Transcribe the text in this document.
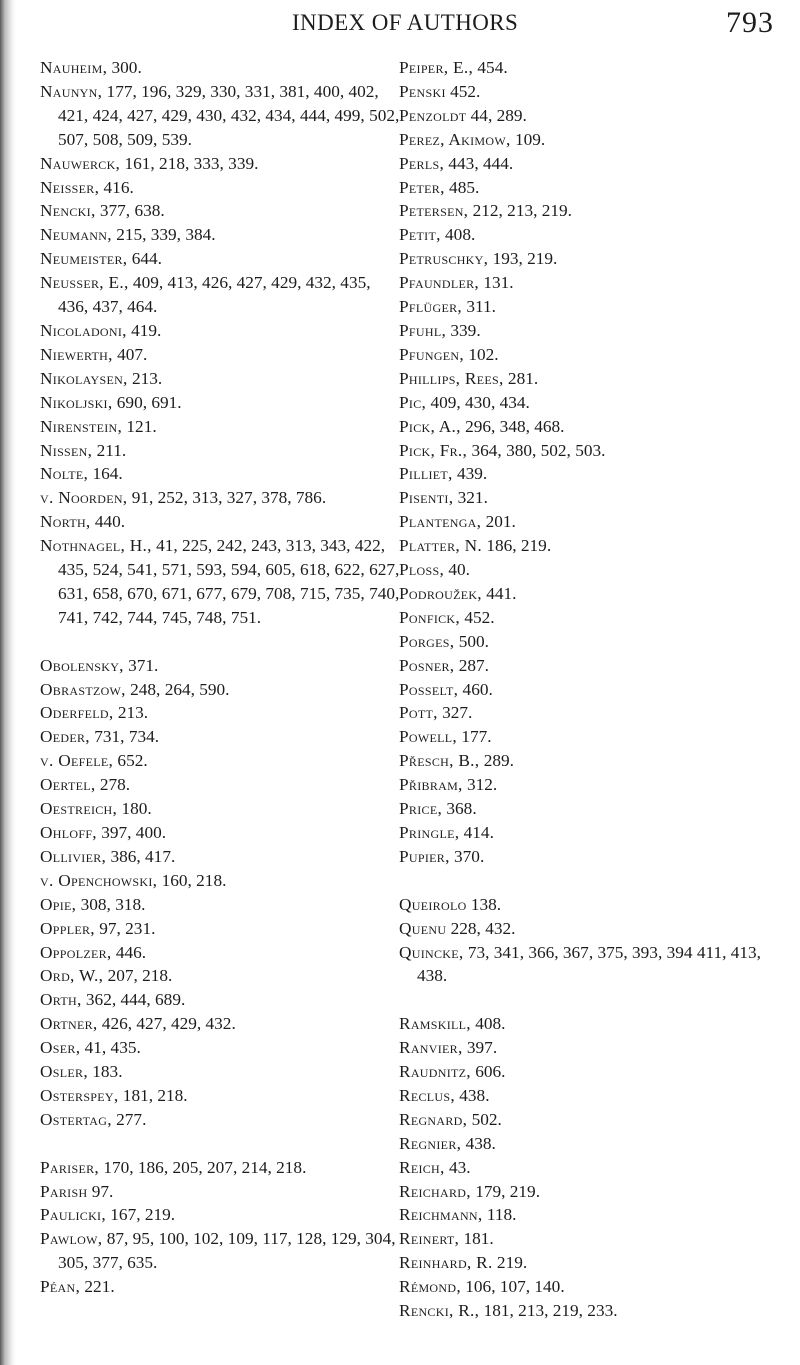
INDEX OF AUTHORS	793
Nauheim, 300.
Naunyn, 177, 196, 329, 330, 331, 381, 400, 402, 421, 424, 427, 429, 430, 432, 434, 444, 499, 502, 507, 508, 509, 539.
Nauwerck, 161, 218, 333, 339.
Neisser, 416.
Nencki, 377, 638.
Neumann, 215, 339, 384.
Neumeister, 644.
Neusser, E., 409, 413, 426, 427, 429, 432, 435, 436, 437, 464.
Nicoladoni, 419.
Niewerth, 407.
Nikolaysen, 213.
Nikoljski, 690, 691.
Nirenstein, 121.
Nissen, 211.
Nolte, 164.
v. Noorden, 91, 252, 313, 327, 378, 786.
North, 440.
Nothnagel, H., 41, 225, 242, 243, 313, 343, 422, 435, 524, 541, 571, 593, 594, 605, 618, 622, 627, 631, 658, 670, 671, 677, 679, 708, 715, 735, 740, 741, 742, 744, 745, 748, 751.
Obolensky, 371.
Obrastzow, 248, 264, 590.
Oderfeld, 213.
Oeder, 731, 734.
v. Oefele, 652.
Oertel, 278.
Oestreich, 180.
Ohloff, 397, 400.
Ollivier, 386, 417.
v. Openchowski, 160, 218.
Opie, 308, 318.
Oppler, 97, 231.
Oppolzer, 446.
Ord, W., 207, 218.
Orth, 362, 444, 689.
Ortner, 426, 427, 429, 432.
Oser, 41, 435.
Osler, 183.
Osterspey, 181, 218.
Ostertag, 277.
Pariser, 170, 186, 205, 207, 214, 218.
Parish 97.
Paulicki, 167, 219.
Pawlow, 87, 95, 100, 102, 109, 117, 128, 129, 304, 305, 377, 635.
Péan, 221.
Peiper, E., 454.
Penski 452.
Penzoldt 44, 289.
Perez, Akimow, 109.
Perls, 443, 444.
Peter, 485.
Petersen, 212, 213, 219.
Petit, 408.
Petruschky, 193, 219.
Pfaundler, 131.
Pflüger, 311.
Pfuhl, 339.
Pfungen, 102.
Phillips, Rees, 281.
Pic, 409, 430, 434.
Pick, A., 296, 348, 468.
Pick, Fr., 364, 380, 502, 503.
Pilliet, 439.
Pisenti, 321.
Plantenga, 201.
Platter, N. 186, 219.
Ploss, 40.
Podroužek, 441.
Ponfick, 452.
Porges, 500.
Posner, 287.
Posselt, 460.
Pott, 327.
Powell, 177.
Přesch, B., 289.
Přibram, 312.
Price, 368.
Pringle, 414.
Pupier, 370.
Queirolo 138.
Quenu 228, 432.
Quincke, 73, 341, 366, 367, 375, 393, 394 411, 413, 438.
Ramskill, 408.
Ranvier, 397.
Raudnitz, 606.
Reclus, 438.
Regnard, 502.
Regnier, 438.
Reich, 43.
Reichard, 179, 219.
Reichmann, 118.
Reinert, 181.
Reinhard, R. 219.
Rémond, 106, 107, 140.
Rencki, R., 181, 213, 219, 233.
